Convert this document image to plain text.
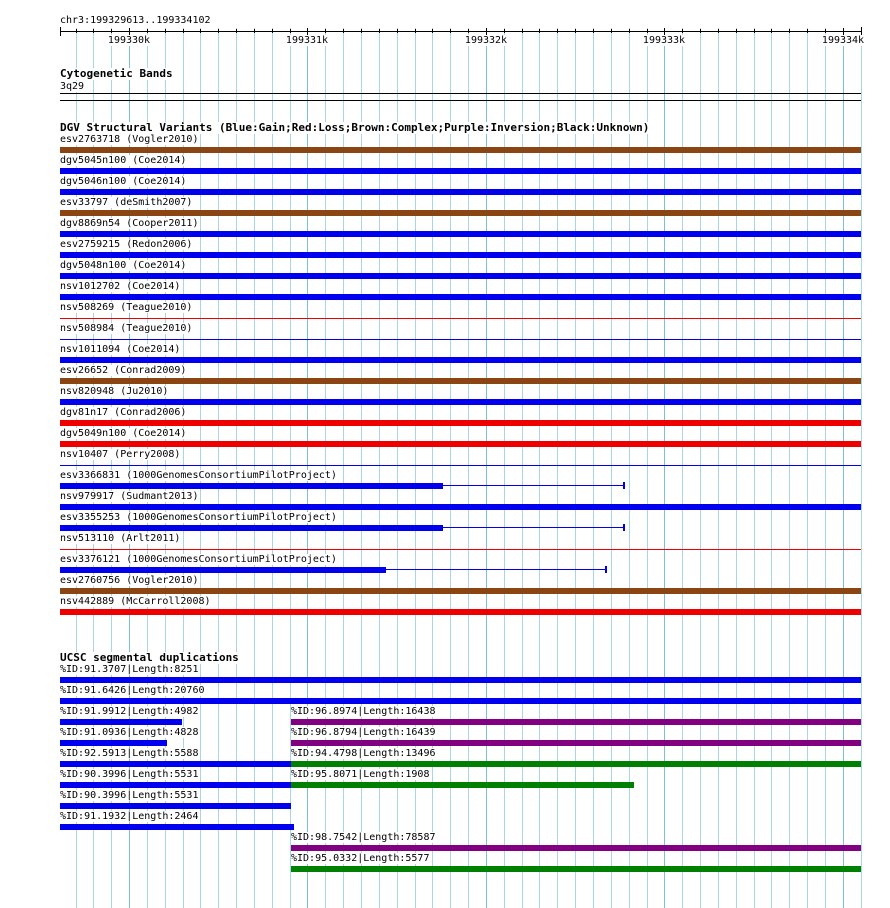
chr3:199329613..199334102
199330k	199331k	199332k	199333k	199334k
Cytogenetic Bands
3q29
DGV Structural Variants (Blue:Gain;Red:Loss;Brown:Complex;Purple:Inversion;Black:Unknown)
esv2763718 (Vogler2010)
dgv5045n100 (Coe2014)
dgv5046n100 (Coe2014)
esv33797 (deSmith2007)
dgv8869n54 (Cooper2011)
esv2759215 (Redon2006)
dgv5048n100 (Coe2014)
nsv1012702 (Coe2014)
nsv508269 (Teague2010)
nsv508984 (Teague2010)
nsv1011094 (Coe2014)
esv26652 (Conrad2009)
nsv820948 (Ju2010)
dgv81n17 (Conrad2006)
dgv5049n100 (Coe2014)
nsv10407 (Perry2008)
esv3366831 (1000GenomesConsortiumPilotProject)
nsv979917 (Sudmant2013)
esv3355253 (1000GenomesConsortiumPilotProject)
nsv513110 (Arlt2011)
esv3376121 (1000GenomesConsortiumPilotProject)
esv2760756 (Vogler2010)
nsv442889 (McCarroll2008)
UCSC segmental duplications
%ID:91.3707|Length:8251
%ID:91.6426|Length:20760
%ID:91.9912|Length:4982	%ID:96.8974|Length:16438
%ID:91.0936|Length:4828	%ID:96.8794|Length:16439
%ID:92.5913|Length:5588	%ID:94.4798|Length:13496
%ID:90.3996|Length:5531	%ID:95.8071|Length:1908
%ID:90.3996|Length:5531
%ID:91.1932|Length:2464
%ID:98.7542|Length:78587
%ID:95.0332|Length:5577
